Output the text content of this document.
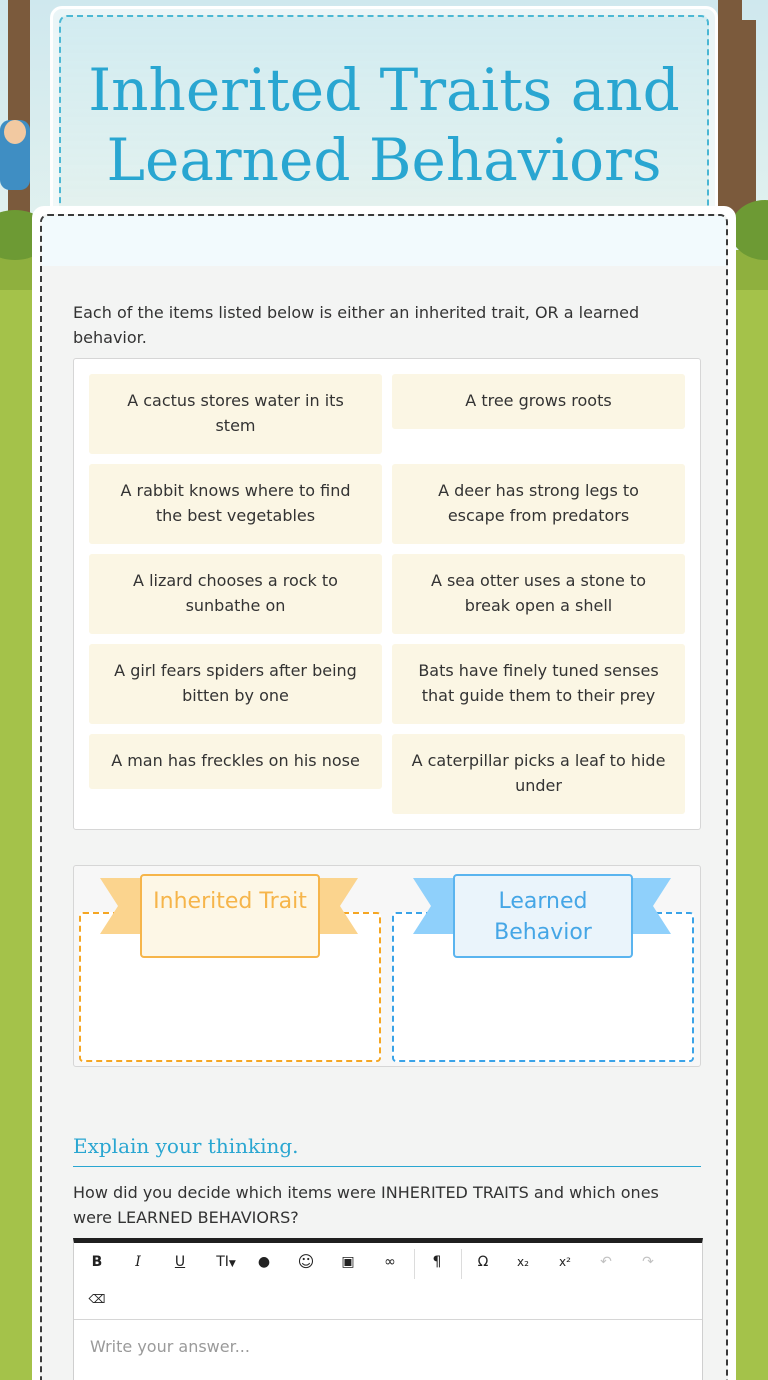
Inherited Traits and Learned Behaviors
Each of the items listed below is either an inherited trait, OR a learned behavior.
A cactus stores water in its stem
A tree grows roots
A rabbit knows where to find the best vegetables
A deer has strong legs to escape from predators
A lizard chooses a rock to sunbathe on
A sea otter uses a stone to break open a shell
A girl fears spiders after being bitten by one
Bats have finely tuned senses that guide them to their prey
A man has freckles on his nose	A caterpillar picks a leaf to hide under
Inherited Trait	Learned Behavior
Explain your thinking.
How did you decide which items were INHERITED TRAITS and which ones were LEARNED BEHAVIORS?
B	I	U	TI▼	●	☺	▣	∞	¶	Ω	x₂	x²	↶	↷
⌫
Write your answer...
